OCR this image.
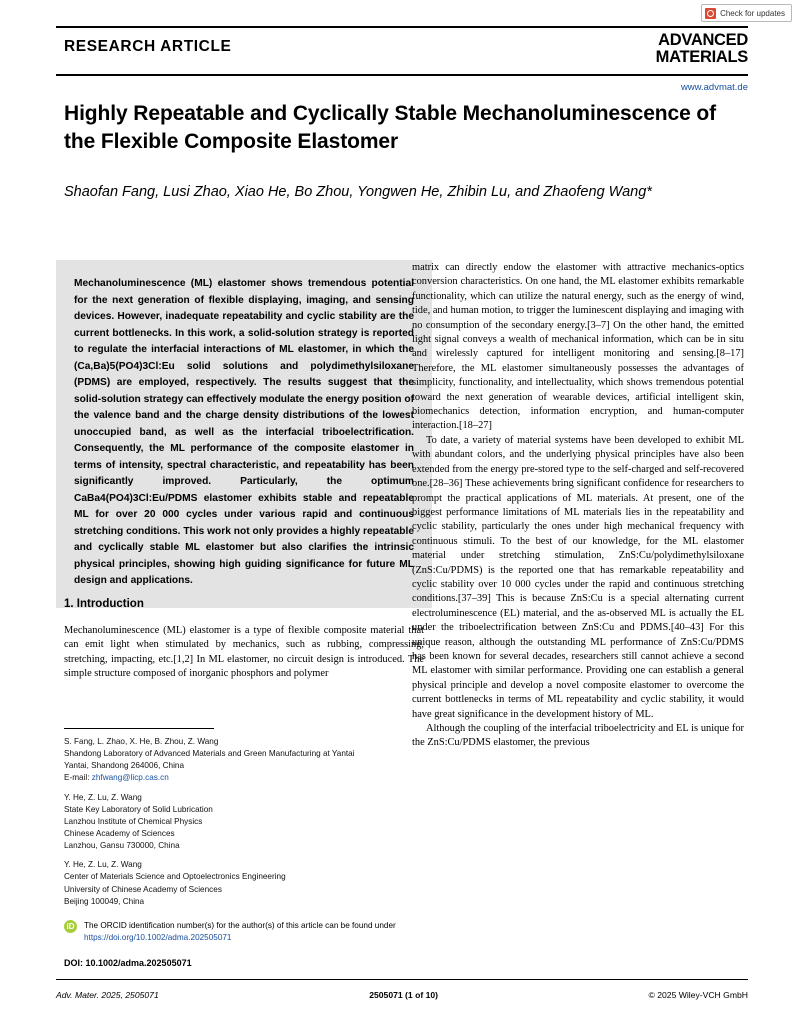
Check for updates
RESEARCH ARTICLE	ADVANCED
MATERIALS
www.advmat.de
Highly Repeatable and Cyclically Stable Mechanoluminescence of the Flexible Composite Elastomer
Shaofan Fang, Lusi Zhao, Xiao He, Bo Zhou, Yongwen He, Zhibin Lu, and Zhaofeng Wang*

Mechanoluminescence (ML) elastomer shows tremendous potential for the next generation of flexible displaying, imaging, and sensing devices. However, inadequate repeatability and cyclic stability are the current bottlenecks. In this work, a solid-solution strategy is reported to regulate the interfacial interactions of ML elastomer, in which the (Ca,Ba)5(PO4)3Cl:Eu solid solutions and polydimethylsiloxane (PDMS) are employed, respectively. The results suggest that the solid-solution strategy can effectively modulate the energy position of the valence band and the charge density distributions of the lowest unoccupied band, as well as the interfacial triboelectrification. Consequently, the ML performance of the composite elastomer in terms of intensity, spectral characteristic, and repeatability has been significantly improved. Particularly, the optimum CaBa4(PO4)3Cl:Eu/PDMS elastomer exhibits stable and repeatable ML for over 20 000 cycles under various rapid and continuous stretching conditions. This work not only provides a highly repeatable and cyclically stable ML elastomer but also clarifies the intrinsic physical principles, showing high guiding significance for future ML design and applications.

1. Introduction

Mechanoluminescence (ML) elastomer is a type of flexible composite material that can emit light when stimulated by mechanics, such as rubbing, compressing, stretching, impacting, etc.[1,2] In ML elastomer, no circuit design is introduced. The simple structure composed of inorganic phosphors and polymer

S. Fang, L. Zhao, X. He, B. Zhou, Z. Wang
Shandong Laboratory of Advanced Materials and Green Manufacturing at Yantai
Yantai, Shandong 264006, China
E-mail: zhfwang@licp.cas.cn
Y. He, Z. Lu, Z. Wang
State Key Laboratory of Solid Lubrication
Lanzhou Institute of Chemical Physics
Chinese Academy of Sciences
Lanzhou, Gansu 730000, China
Y. He, Z. Lu, Z. Wang
Center of Materials Science and Optoelectronics Engineering
University of Chinese Academy of Sciences
Beijing 100049, China
iD	The ORCID identification number(s) for the author(s) of this article can be found under https://doi.org/10.1002/adma.202505071
DOI: 10.1002/adma.202505071

matrix can directly endow the elastomer with attractive mechanics-optics conversion characteristics. On one hand, the ML elastomer exhibits remarkable functionality, which can utilize the natural energy, such as the energy of wind, tide, and human motion, to trigger the luminescent displaying and imaging with no consumption of the secondary energy.[3–7] On the other hand, the emitted light signal conveys a wealth of mechanical information, which can be in situ and wirelessly captured for intelligent monitoring and sensing.[8–17] Therefore, the ML elastomer simultaneously possesses the advantages of simplicity, functionality, and intellectuality, which shows tremendous potential toward the next generation of wearable devices, artificial intelligent skin, biomechanics detection, information encryption, and human-computer interaction.[18–27]

To date, a variety of material systems have been developed to exhibit ML with abundant colors, and the underlying physical principles have also been extended from the energy pre-stored type to the self-charged and self-recovered one.[28–36] These achievements bring significant confidence for researchers to prompt the practical applications of ML materials. At present, one of the biggest performance limitations of ML materials lies in the repeatability and cyclic stability, particularly the ones under high mechanical frequency with continuous stimuli. To the best of our knowledge, for the ML elastomer material under stretching stimulation, ZnS:Cu/polydimethylsiloxane (ZnS:Cu/PDMS) is the reported one that has remarkable repeatability and cyclic stability over 10 000 cycles under the rapid and continuous stretching conditions.[37–39] This is because ZnS:Cu is a special alternating current electroluminescence (EL) material, and the as-observed ML is actually the EL under the triboelectrification between ZnS:Cu and PDMS.[40–43] For this unique reason, although the outstanding ML performance of ZnS:Cu/PDMS has been known for several decades, researchers still cannot achieve a second ML elastomer with similar performance. Providing one can establish a general physical principle and develop a novel composite elastomer to overcome the current bottlenecks in terms of ML repeatability and cyclic stability, it would have great significance in the development history of ML.

Although the coupling of the interfacial triboelectricity and EL is unique for the ZnS:Cu/PDMS elastomer, the previous

Adv. Mater. 2025, 2505071	2505071 (1 of 10)	© 2025 Wiley-VCH GmbH
